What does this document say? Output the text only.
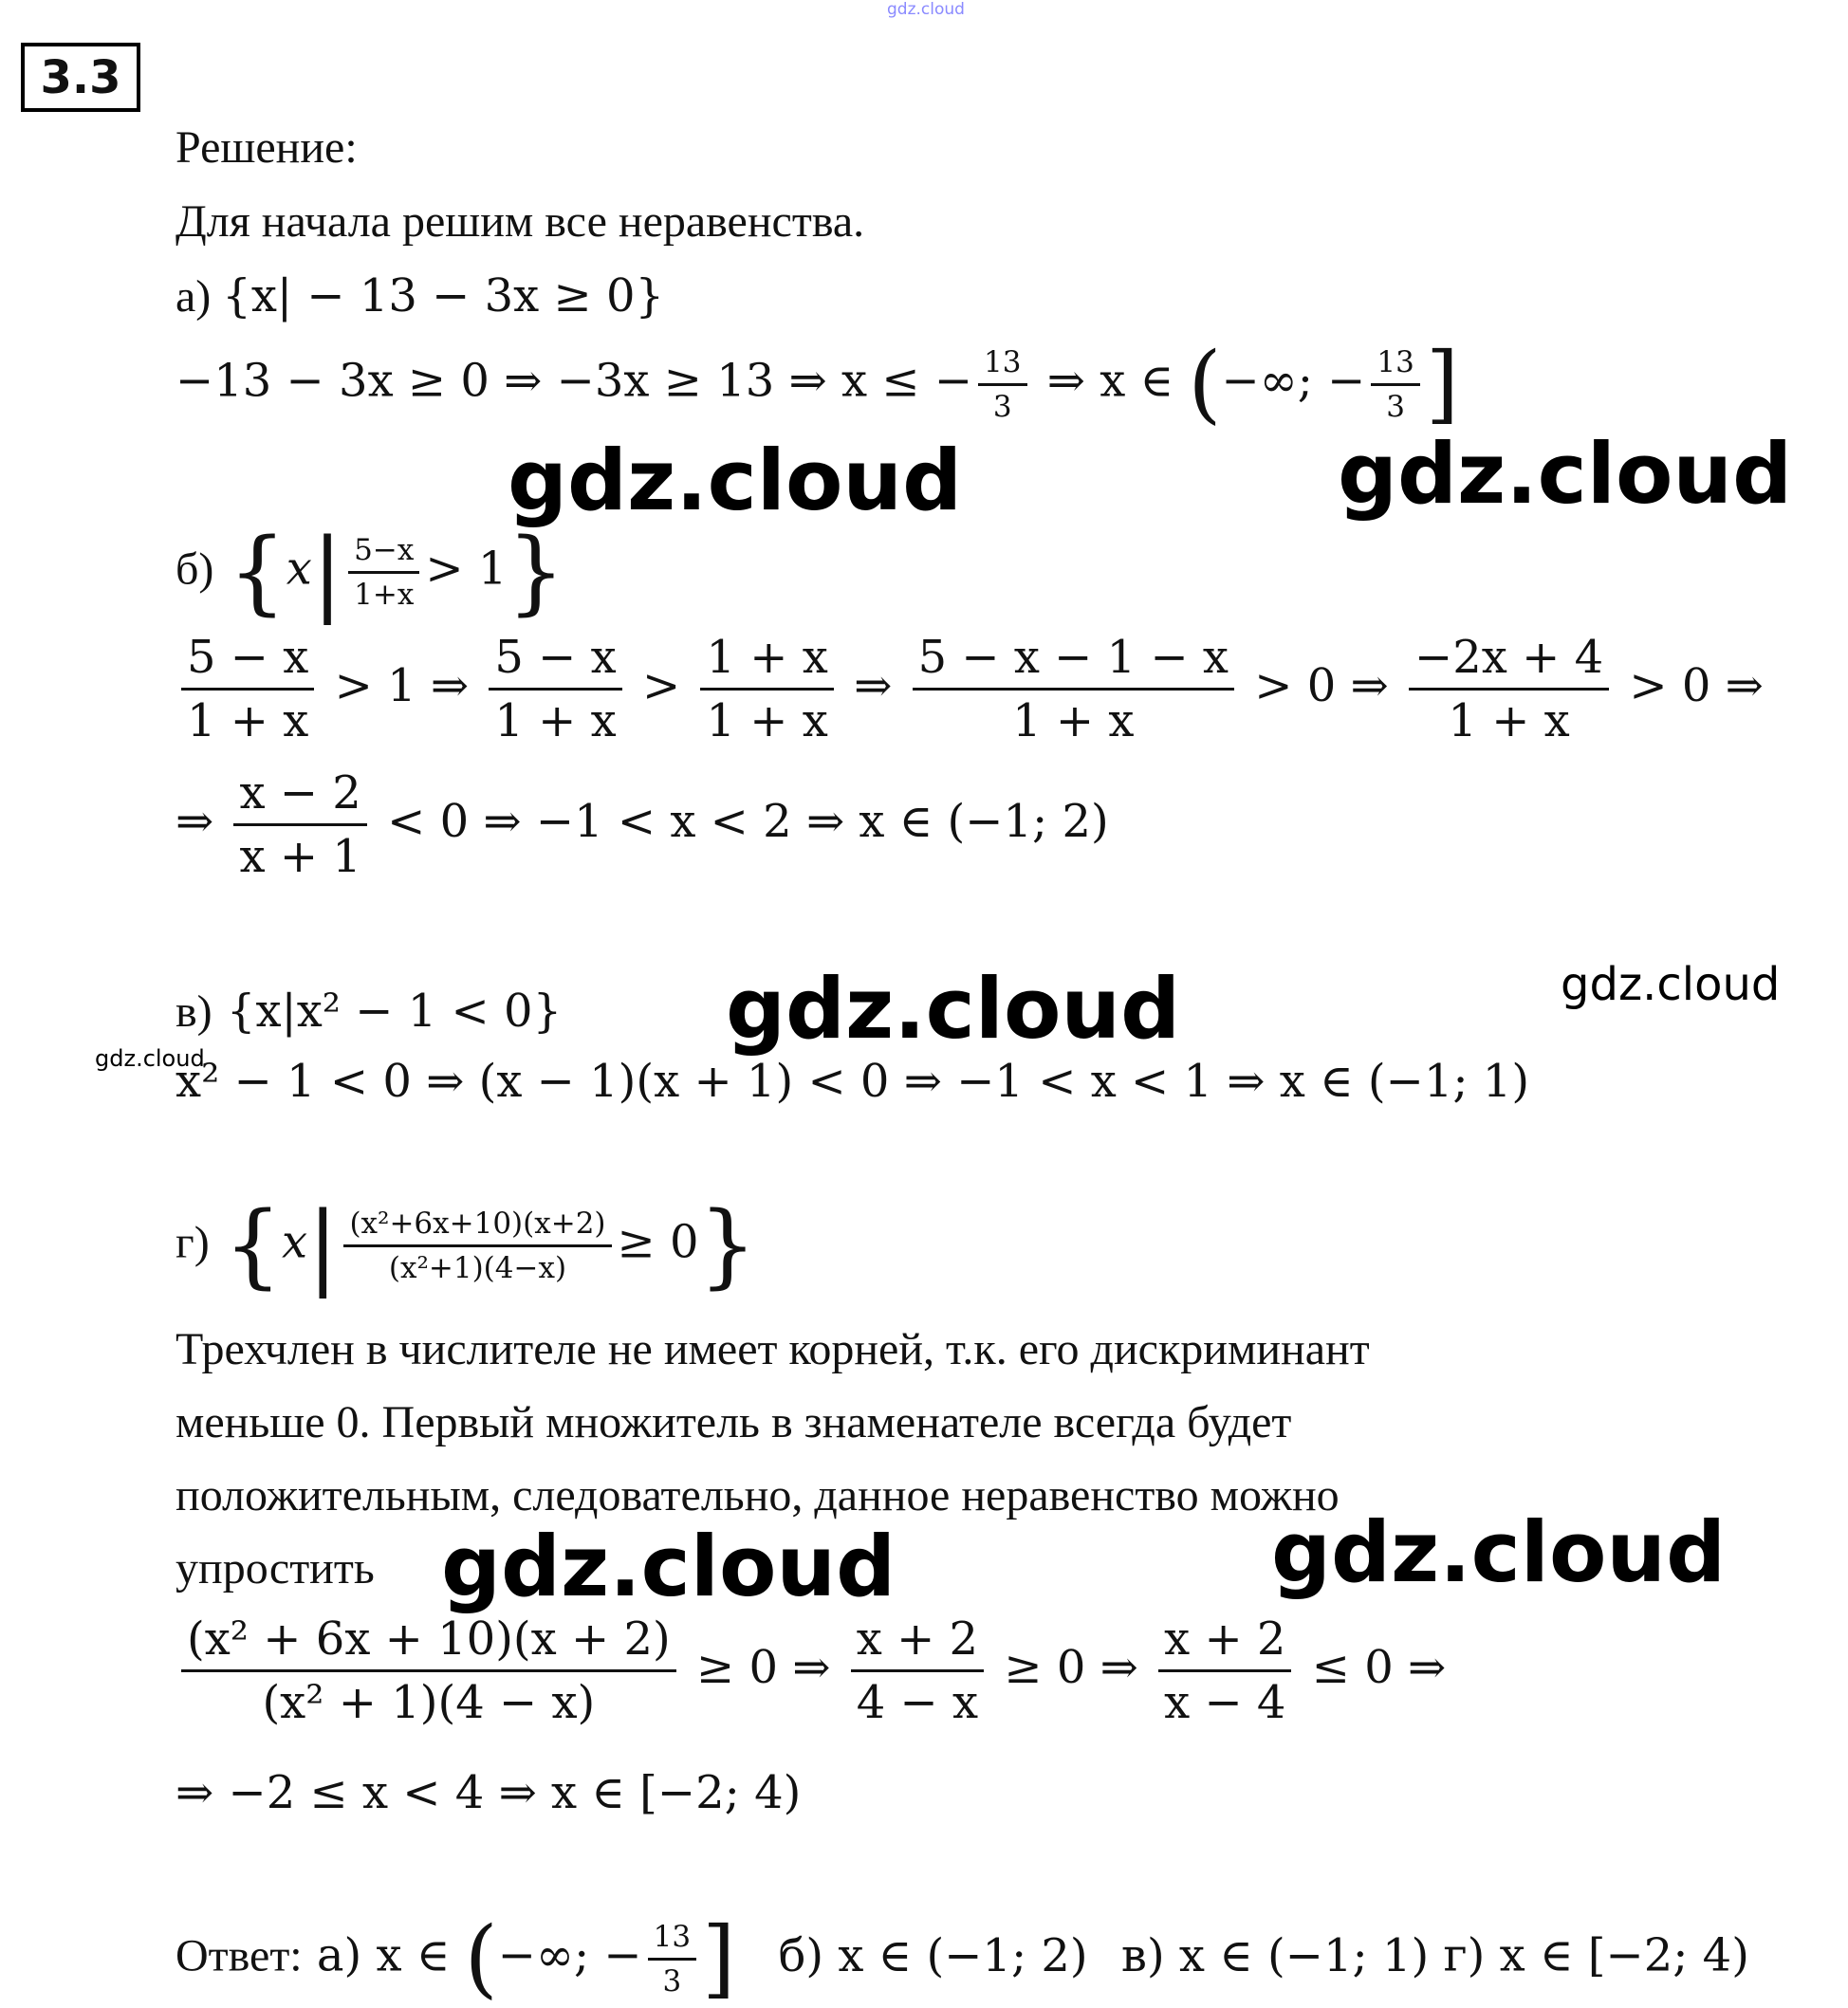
gdz.cloud
3.3
Решение:
Для начала решим все неравенства.
а) {x| − 13 − 3x ≥ 0}
−13 − 3x ≥ 0 ⇒ −3x ≥ 13 ⇒ x ≤ − $\frac{13}{3}$ ⇒ x ∈ (−∞; − $\frac{13}{3}$ ]
gdz.cloud	gdz.cloud
б) $\{x| \frac{5-x}{1+x} > 1\}$
$\frac{5 - x}{1 + x} > 1$ ⇒ $\frac{5 - x}{1 + x} > \frac{1 + x}{1 + x}$ ⇒ $\frac{5 - x - 1 - x}{1 + x} > 0$ ⇒ $\frac{-2x + 4}{1 + x} > 0$ ⇒
⇒ $\frac{x - 2}{x + 1} < 0$ ⇒ −1 < x < 2 ⇒ x ∈ (−1; 2)
gdz.cloud
gdz.cloud
gdz.cloud
в) {x|x² − 1 < 0}
x² − 1 < 0 ⇒ (x − 1)(x + 1) < 0 ⇒ −1 < x < 1 ⇒ x ∈ (−1; 1)
г) $\{x| \frac{\text{(x²+6x+10)(x+2)}}{\text{(x²+1)(4−x)}} \ge 0\}$
Трехчлен в числителе не имеет корней, т.к. его дискриминант
меньше 0. Первый множитель в знаменателе всегда будет
положительным, следовательно, данное неравенство можно
упростить gdz.cloud	gdz.cloud
$\frac{\text{(x² + 6x + 10)(x + 2)}}{\text{(x² + 1)(4 − x)}} \ge 0$ ⇒ $\frac{x + 2}{4 - x} \ge 0$ ⇒ $\frac{x + 2}{x - 4} \le 0$ ⇒
⇒ −2 ≤ x < 4 ⇒ x ∈ [−2; 4)
Ответ: а) x ∈ (−∞; − $\frac{13}{3}$ ] б) x ∈ (−1; 2) в) x ∈ (−1; 1) г) x ∈ [−2; 4)
